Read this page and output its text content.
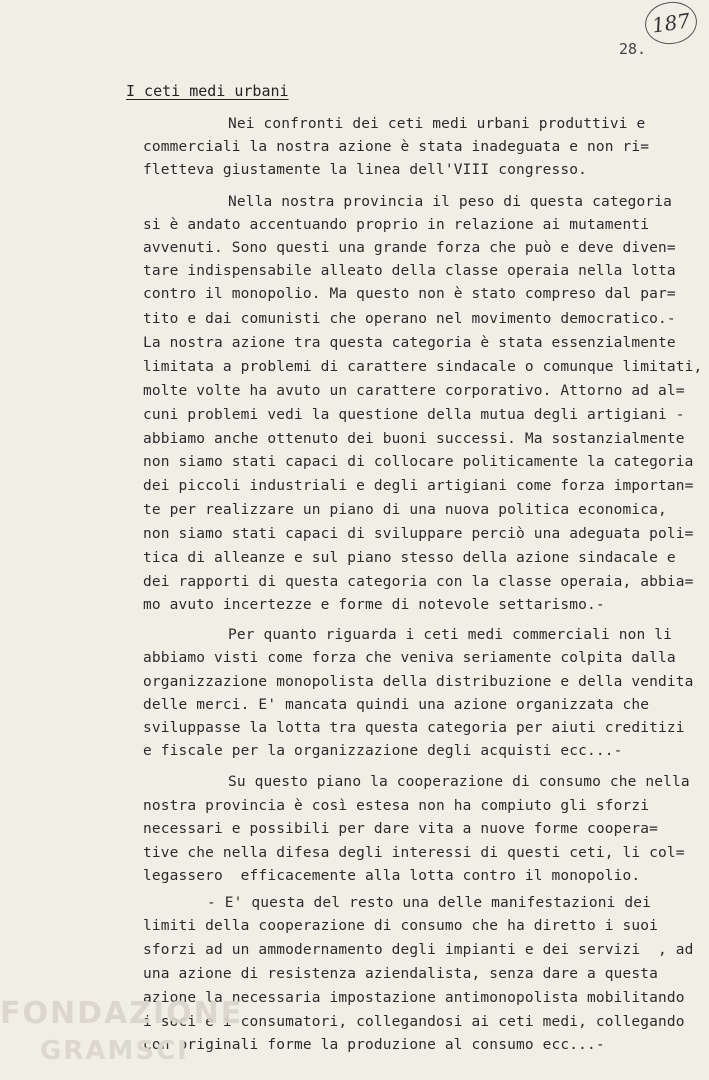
187
28.
I ceti medi urbani
Nei confronti dei ceti medi urbani produttivi e
commerciali la nostra azione è stata inadeguata e non ri=
fletteva giustamente la linea dell'VIII congresso.
Nella nostra provincia il peso di questa categoria
si è andato accentuando proprio in relazione ai mutamenti
avvenuti. Sono questi una grande forza che può e deve diven=
tare indispensabile alleato della classe operaia nella lotta
contro il monopolio. Ma questo non è stato compreso dal par=
tito e dai comunisti che operano nel movimento democratico.-
La nostra azione tra questa categoria è stata essenzialmente
limitata a problemi di carattere sindacale o comunque limitati,
molte volte ha avuto un carattere corporativo. Attorno ad al=
cuni problemi vedi la questione della mutua degli artigiani -
abbiamo anche ottenuto dei buoni successi. Ma sostanzialmente
non siamo stati capaci di collocare politicamente la categoria
dei piccoli industriali e degli artigiani come forza importan=
te per realizzare un piano di una nuova politica economica,
non siamo stati capaci di sviluppare perciò una adeguata poli=
tica di alleanze e sul piano stesso della azione sindacale e
dei rapporti di questa categoria con la classe operaia, abbia=
mo avuto incertezze e forme di notevole settarismo.-
Per quanto riguarda i ceti medi commerciali non li
abbiamo visti come forza che veniva seriamente colpita dalla
organizzazione monopolista della distribuzione e della vendita
delle merci. E' mancata quindi una azione organizzata che
sviluppasse la lotta tra questa categoria per aiuti creditizi
e fiscale per la organizzazione degli acquisti ecc...-
Su questo piano la cooperazione di consumo che nella
nostra provincia è così estesa non ha compiuto gli sforzi
necessari e possibili per dare vita a nuove forme coopera=
tive che nella difesa degli interessi di questi ceti, li col=
legassero  efficacemente alla lotta contro il monopolio.
- E' questa del resto una delle manifestazioni dei
limiti della cooperazione di consumo che ha diretto i suoi
sforzi ad un ammodernamento degli impianti e dei servizi  , ad
una azione di resistenza aziendalista, senza dare a questa
azione la necessaria impostazione antimonopolista mobilitando
i soci e i consumatori, collegandosi ai ceti medi, collegando
con originali forme la produzione al consumo ecc...-
FONDAZIONE
GRAMSCI
